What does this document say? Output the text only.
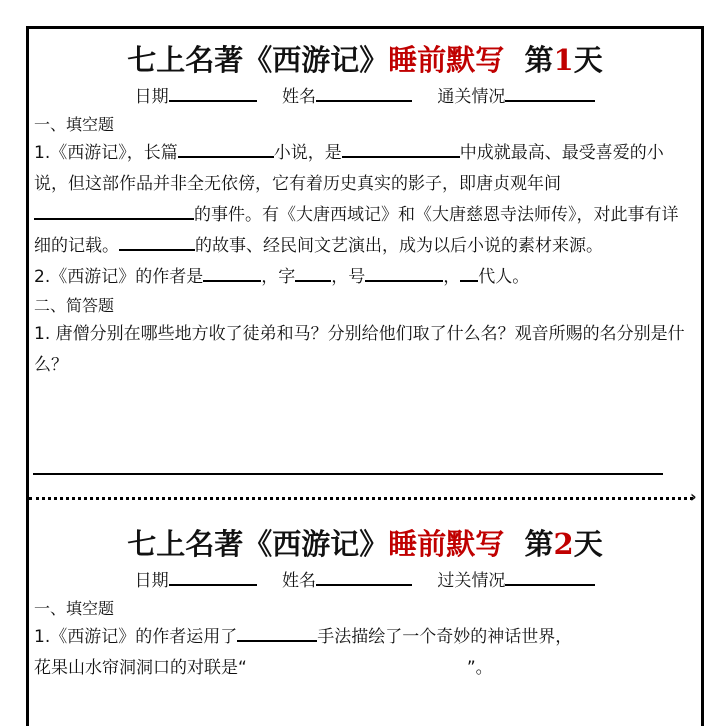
七上名著《西游记》睡前默写 第1天
日期	姓名	通关情况
一、填空题
1.《西游记》，长篇	小说，是	中成就最高、最受喜爱的小说，但这部作品并非全无依傍，它有着历史真实的影子，即唐贞观年间的事件。有《大唐西域记》和《大唐慈恩寺法师传》，对此事有详细的记载。	的故事、经民间文艺演出，成为以后小说的素材来源。
2.《西游记》的作者是	，字 ，号	， 代人。
二、简答题
1. 唐僧分别在哪些地方收了徒弟和马？分别给他们取了什么名？观音所赐的名分别是什么？
›
七上名著《西游记》睡前默写 第2天
日期	姓名	过关情况
一、填空题
1.《西游记》的作者运用了	手法描绘了一个奇妙的神话世界，
花果山水帘洞洞口的对联是“	”。
